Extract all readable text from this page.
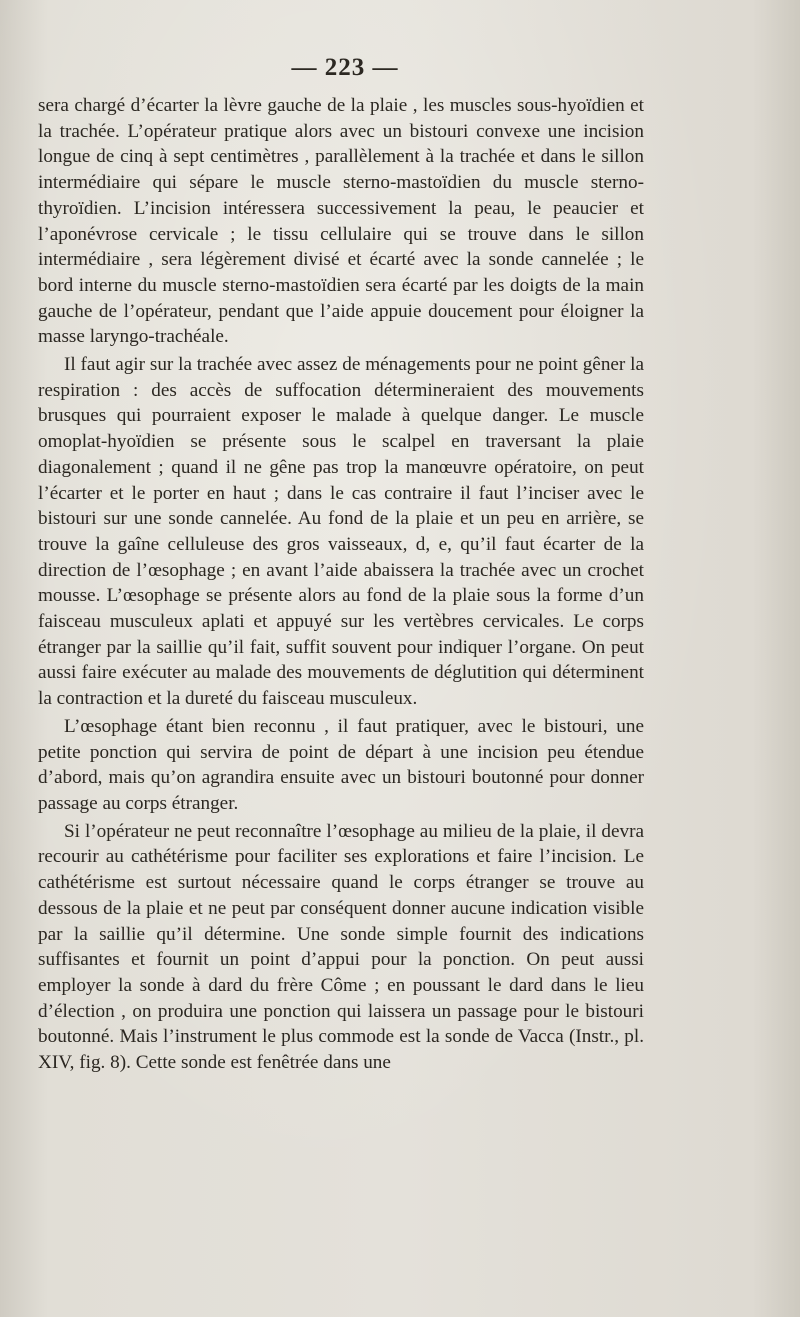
— 223 —

sera chargé d’écarter la lèvre gauche de la plaie , les muscles sous-hyoïdien et la trachée. L’opérateur pratique alors avec un bistouri convexe une incision longue de cinq à sept centimètres , parallèlement à la trachée et dans le sillon intermédiaire qui sépare le muscle sterno-mastoïdien du muscle sterno-thyroïdien. L’incision intéressera successivement la peau, le peaucier et l’aponévrose cervicale ; le tissu cellulaire qui se trouve dans le sillon intermédiaire , sera légèrement divisé et écarté avec la sonde cannelée ; le bord interne du muscle sterno-mastoïdien sera écarté par les doigts de la main gauche de l’opérateur, pendant que l’aide appuie doucement pour éloigner la masse laryngo-trachéale.

Il faut agir sur la trachée avec assez de ménagements pour ne point gêner la respiration : des accès de suffocation détermineraient des mouvements brusques qui pourraient exposer le malade à quelque danger. Le muscle omoplat-hyoïdien se présente sous le scalpel en traversant la plaie diagonalement ; quand il ne gêne pas trop la manœuvre opératoire, on peut l’écarter et le porter en haut ; dans le cas contraire il faut l’inciser avec le bistouri sur une sonde cannelée. Au fond de la plaie et un peu en arrière, se trouve la gaîne celluleuse des gros vaisseaux, d, e, qu’il faut écarter de la direction de l’œsophage ; en avant l’aide abaissera la trachée avec un crochet mousse. L’œsophage se présente alors au fond de la plaie sous la forme d’un faisceau musculeux aplati et appuyé sur les vertèbres cervicales. Le corps étranger par la saillie qu’il fait, suffit souvent pour indiquer l’organe. On peut aussi faire exécuter au malade des mouvements de déglutition qui déterminent la contraction et la dureté du faisceau musculeux.

L’œsophage étant bien reconnu , il faut pratiquer, avec le bistouri, une petite ponction qui servira de point de départ à une incision peu étendue d’abord, mais qu’on agrandira ensuite avec un bistouri boutonné pour donner passage au corps étranger.

Si l’opérateur ne peut reconnaître l’œsophage au milieu de la plaie, il devra recourir au cathétérisme pour faciliter ses explorations et faire l’incision. Le cathétérisme est surtout nécessaire quand le corps étranger se trouve au dessous de la plaie et ne peut par conséquent donner aucune indication visible par la saillie qu’il détermine. Une sonde simple fournit des indications suffisantes et fournit un point d’appui pour la ponction. On peut aussi employer la sonde à dard du frère Côme ; en poussant le dard dans le lieu d’élection , on produira une ponction qui laissera un passage pour le bistouri boutonné. Mais l’instrument le plus commode est la sonde de Vacca (Instr., pl. XIV, fig. 8). Cette sonde est fenêtrée dans une
